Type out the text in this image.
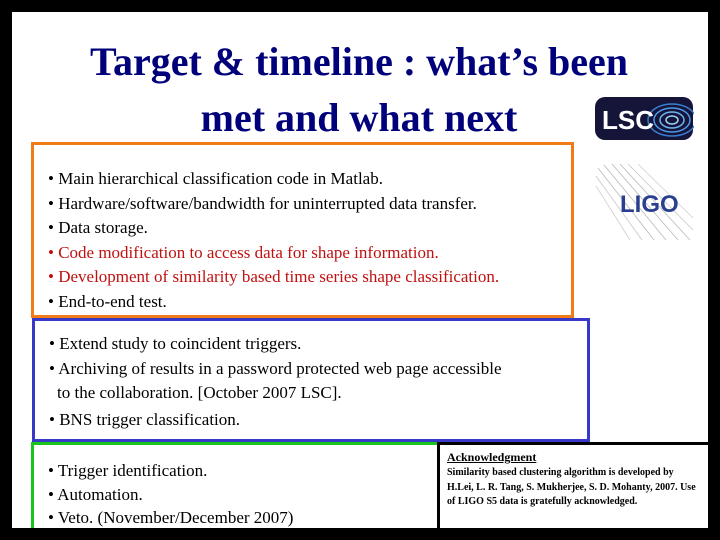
Target & timeline : what’s been
met and what next	LSC
LIGO
• Main hierarchical classification code in Matlab.
• Hardware/software/bandwidth for uninterrupted data transfer.
• Data storage.
• Code modification to access data for shape information.
• Development of similarity based time series shape classification.
• End-to-end test.
• Extend study to coincident triggers.
• Archiving of results in a password protected web page accessible
to the collaboration. [October 2007 LSC].
• BNS trigger classification.
• Trigger identification.
• Automation.
• Veto. (November/December 2007)
Acknowledgment
Similarity based clustering algorithm is developed by H.Lei, L. R. Tang, S. Mukherjee, S. D. Mohanty, 2007. Use of LIGO S5 data is gratefully acknowledged.
